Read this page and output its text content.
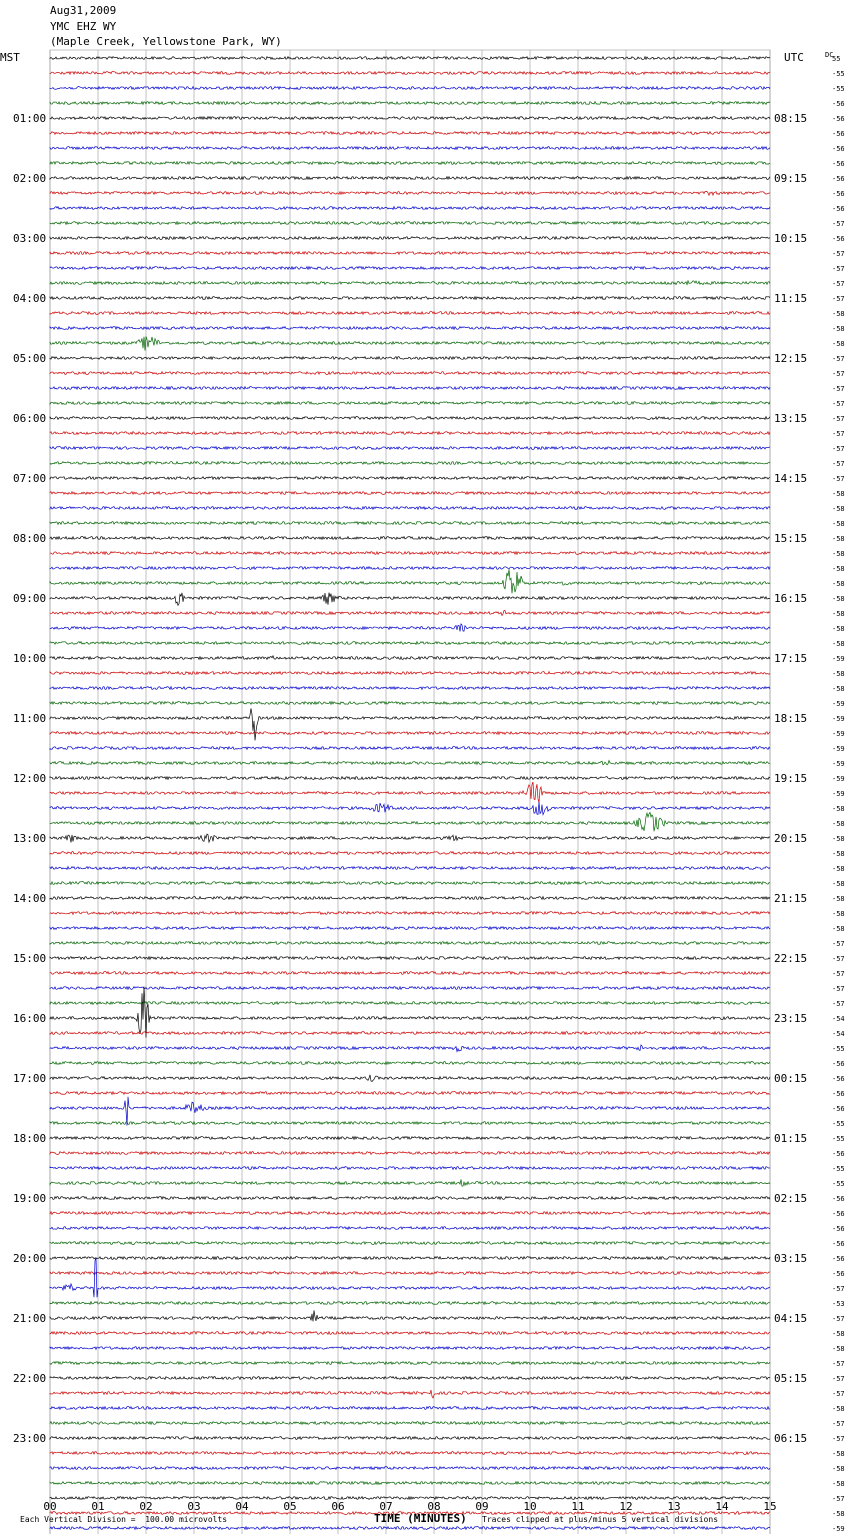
Aug31,2009
YMC EHZ WY
(Maple Creek, Yellowstone Park, WY)
00	01	02	03	04	05	06	07	08	09	10	11	12	13	14	15
55
-55
-55
-56
01:00	08:15	-56
-56
-56
-56
02:00	09:15	-56
-56
-56
-57
03:00	10:15	-56
-57
-57
-57
04:00	11:15	-57
-58
-58
-58
05:00	12:15	-57
-57
-57
-57
06:00	13:15	-57
-57
-57
-57
07:00	14:15	-57
-58
-58
-58
08:00	15:15	-58
-58
-58
-58
09:00	16:15	-58
-58
-58
-58
10:00	17:15	-59
-58
-58
-59
11:00	18:15	-59
-59
-59
-59
12:00	19:15	-59
-59
-58
-58
13:00	20:15	-58
-58
-58
-58
14:00	21:15	-58
-58
-58
-57
15:00	22:15	-57
-57
-57
-57
16:00	23:15	-54
-54
-55
-56
17:00	00:15	-56
-56
-56
-55
18:00	01:15	-55
-56
-55
-55
19:00	02:15	-56
-56
-56
-56
20:00	03:15	-56
-56
-57
-53
21:00	04:15	-57
-58
-58
-57
22:00	05:15	-57
-57
-58
-57
23:00	06:15	-57
-58
-58
-58
-57
-58
-59
MST	UTC	DC
Each Vertical Division =  100.00 microvolts	TIME (MINUTES) Traces clipped at plus/minus 5 vertical divisions
